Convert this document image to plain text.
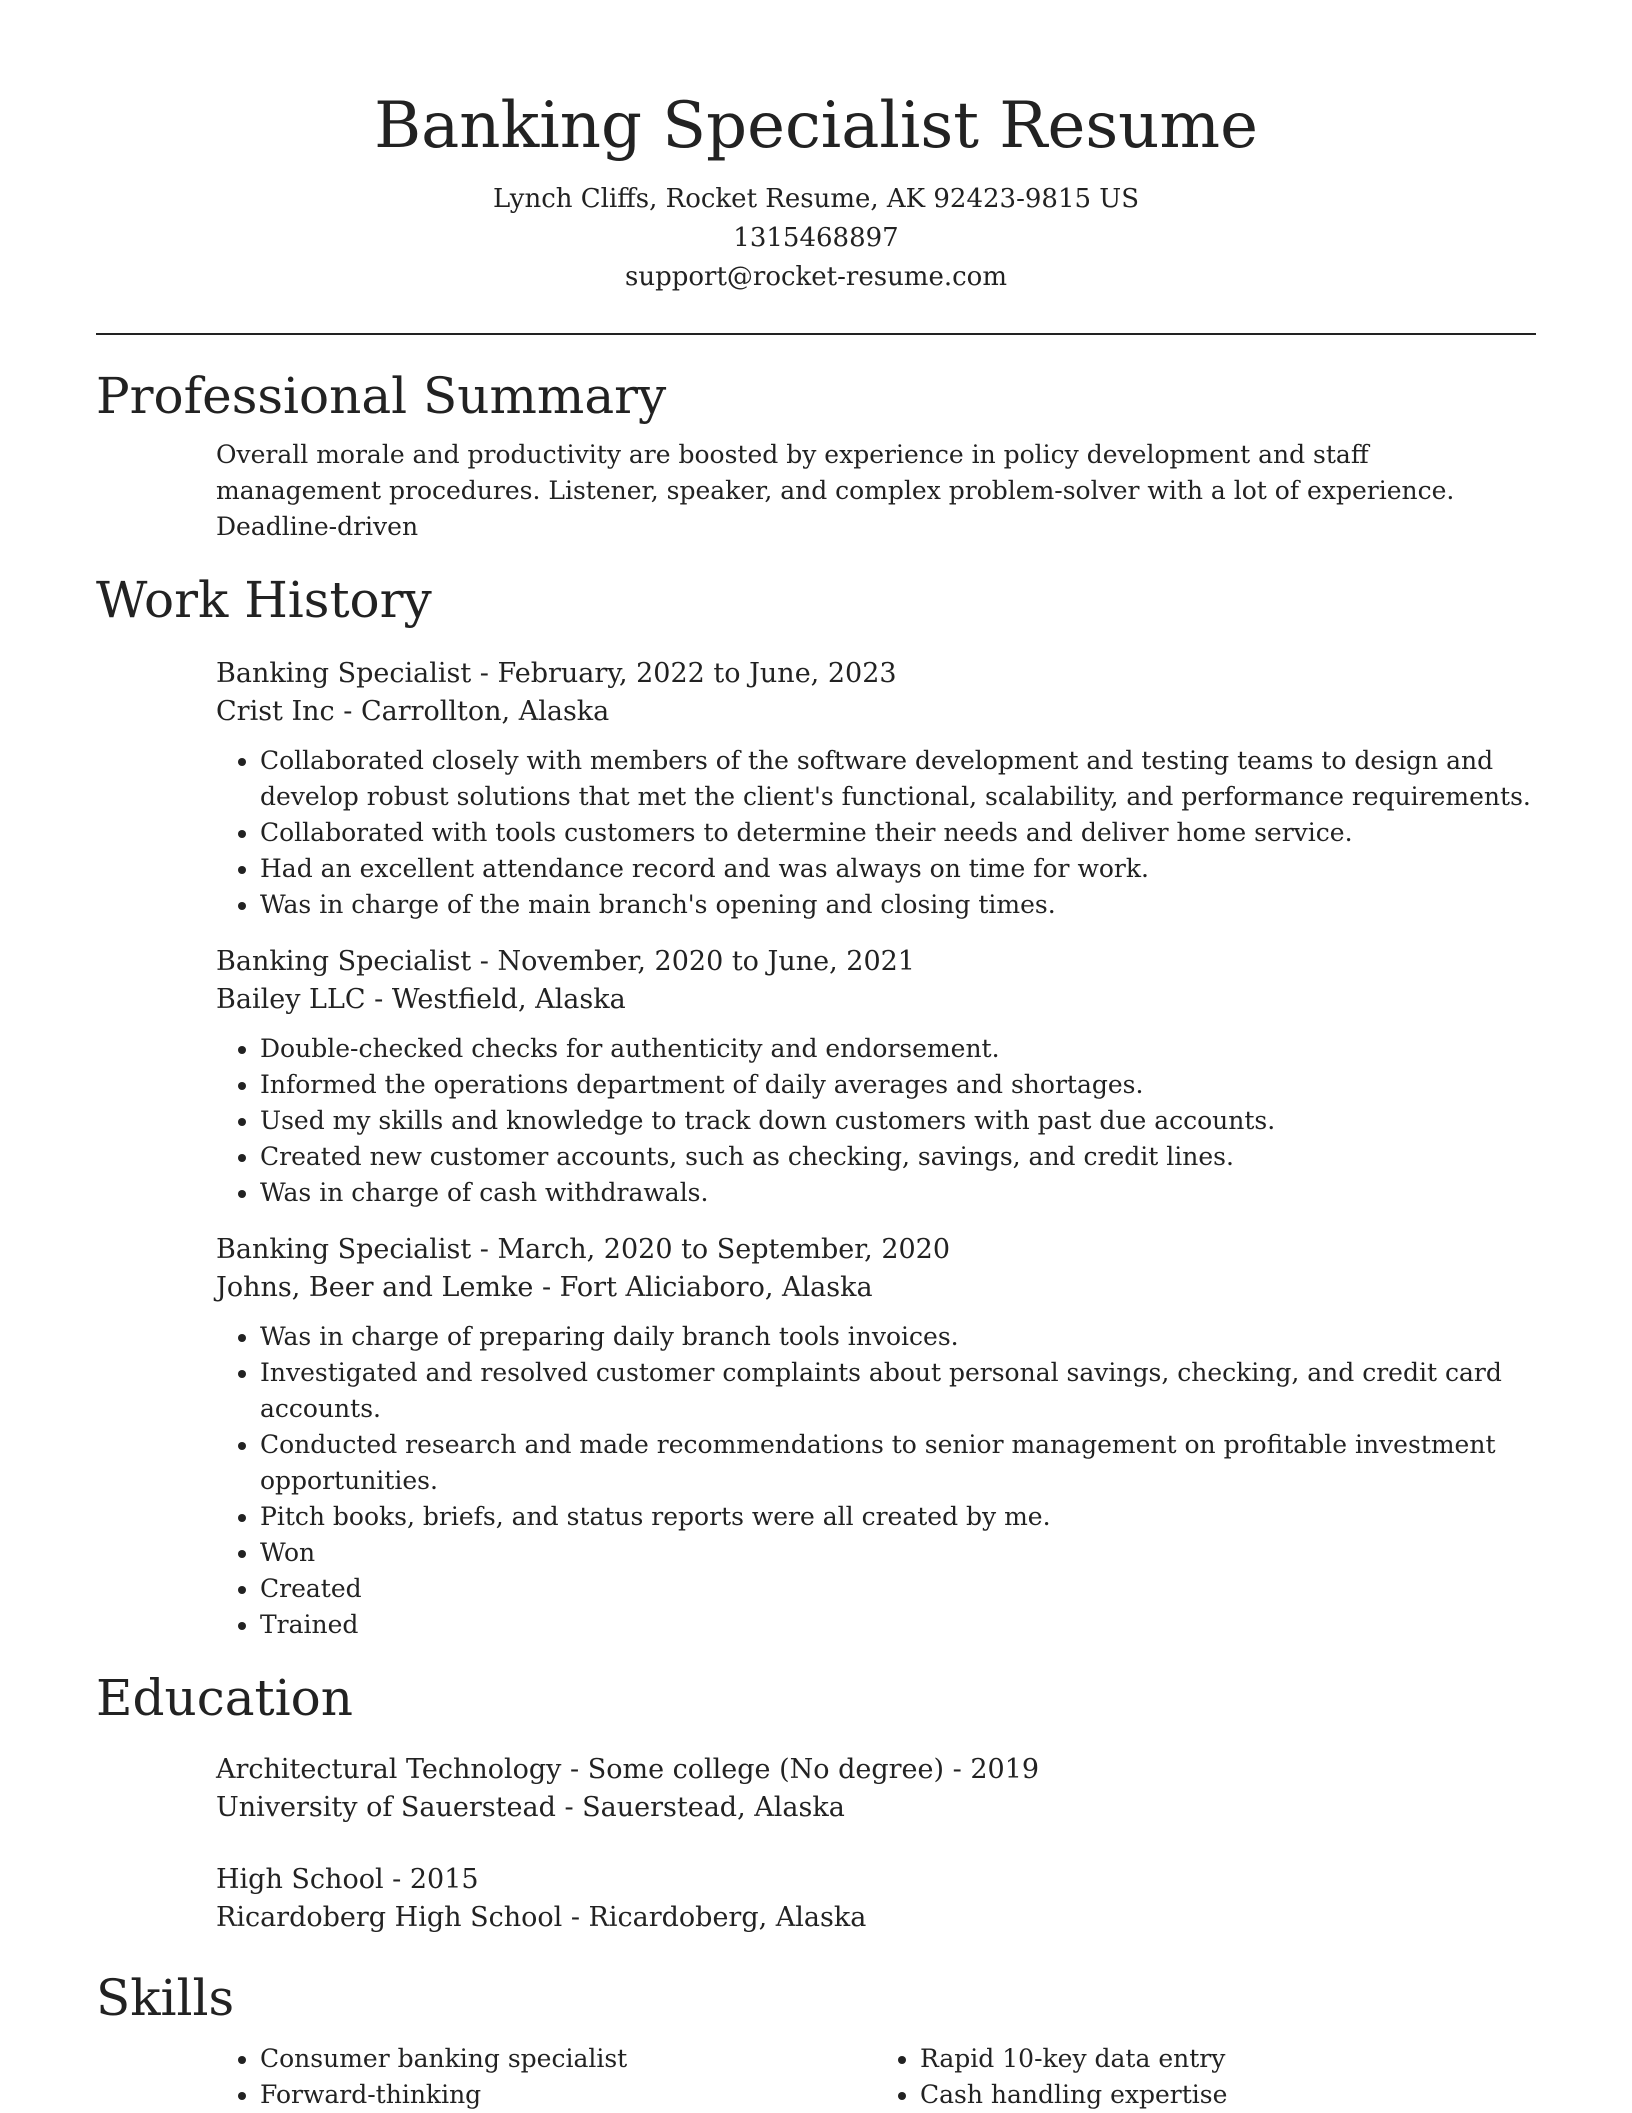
Banking Specialist Resume
Lynch Cliffs, Rocket Resume, AK 92423-9815 US
1315468897
support@rocket-resume.com
Professional Summary
Overall morale and productivity are boosted by experience in policy development and staff management procedures. Listener, speaker, and complex problem-solver with a lot of experience. Deadline-driven
Work History
Banking Specialist - February, 2022 to June, 2023
Crist Inc - Carrollton, Alaska
• Collaborated closely with members of the software development and testing teams to design and develop robust solutions that met the client's functional, scalability, and performance requirements.
• Collaborated with tools customers to determine their needs and deliver home service.
• Had an excellent attendance record and was always on time for work.
• Was in charge of the main branch's opening and closing times.
Banking Specialist - November, 2020 to June, 2021
Bailey LLC - Westfield, Alaska
• Double-checked checks for authenticity and endorsement.
• Informed the operations department of daily averages and shortages.
• Used my skills and knowledge to track down customers with past due accounts.
• Created new customer accounts, such as checking, savings, and credit lines.
• Was in charge of cash withdrawals.
Banking Specialist - March, 2020 to September, 2020
Johns, Beer and Lemke - Fort Aliciaboro, Alaska
• Was in charge of preparing daily branch tools invoices.
• Investigated and resolved customer complaints about personal savings, checking, and credit card accounts.
• Conducted research and made recommendations to senior management on profitable investment opportunities.
• Pitch books, briefs, and status reports were all created by me.
• Won
• Created
• Trained
Education
Architectural Technology - Some college (No degree) - 2019
University of Sauerstead - Sauerstead, Alaska
High School - 2015
Ricardoberg High School - Ricardoberg, Alaska
Skills
• Consumer banking specialist
• Forward-thinking
• Rapid 10-key data entry
• Cash handling expertise
